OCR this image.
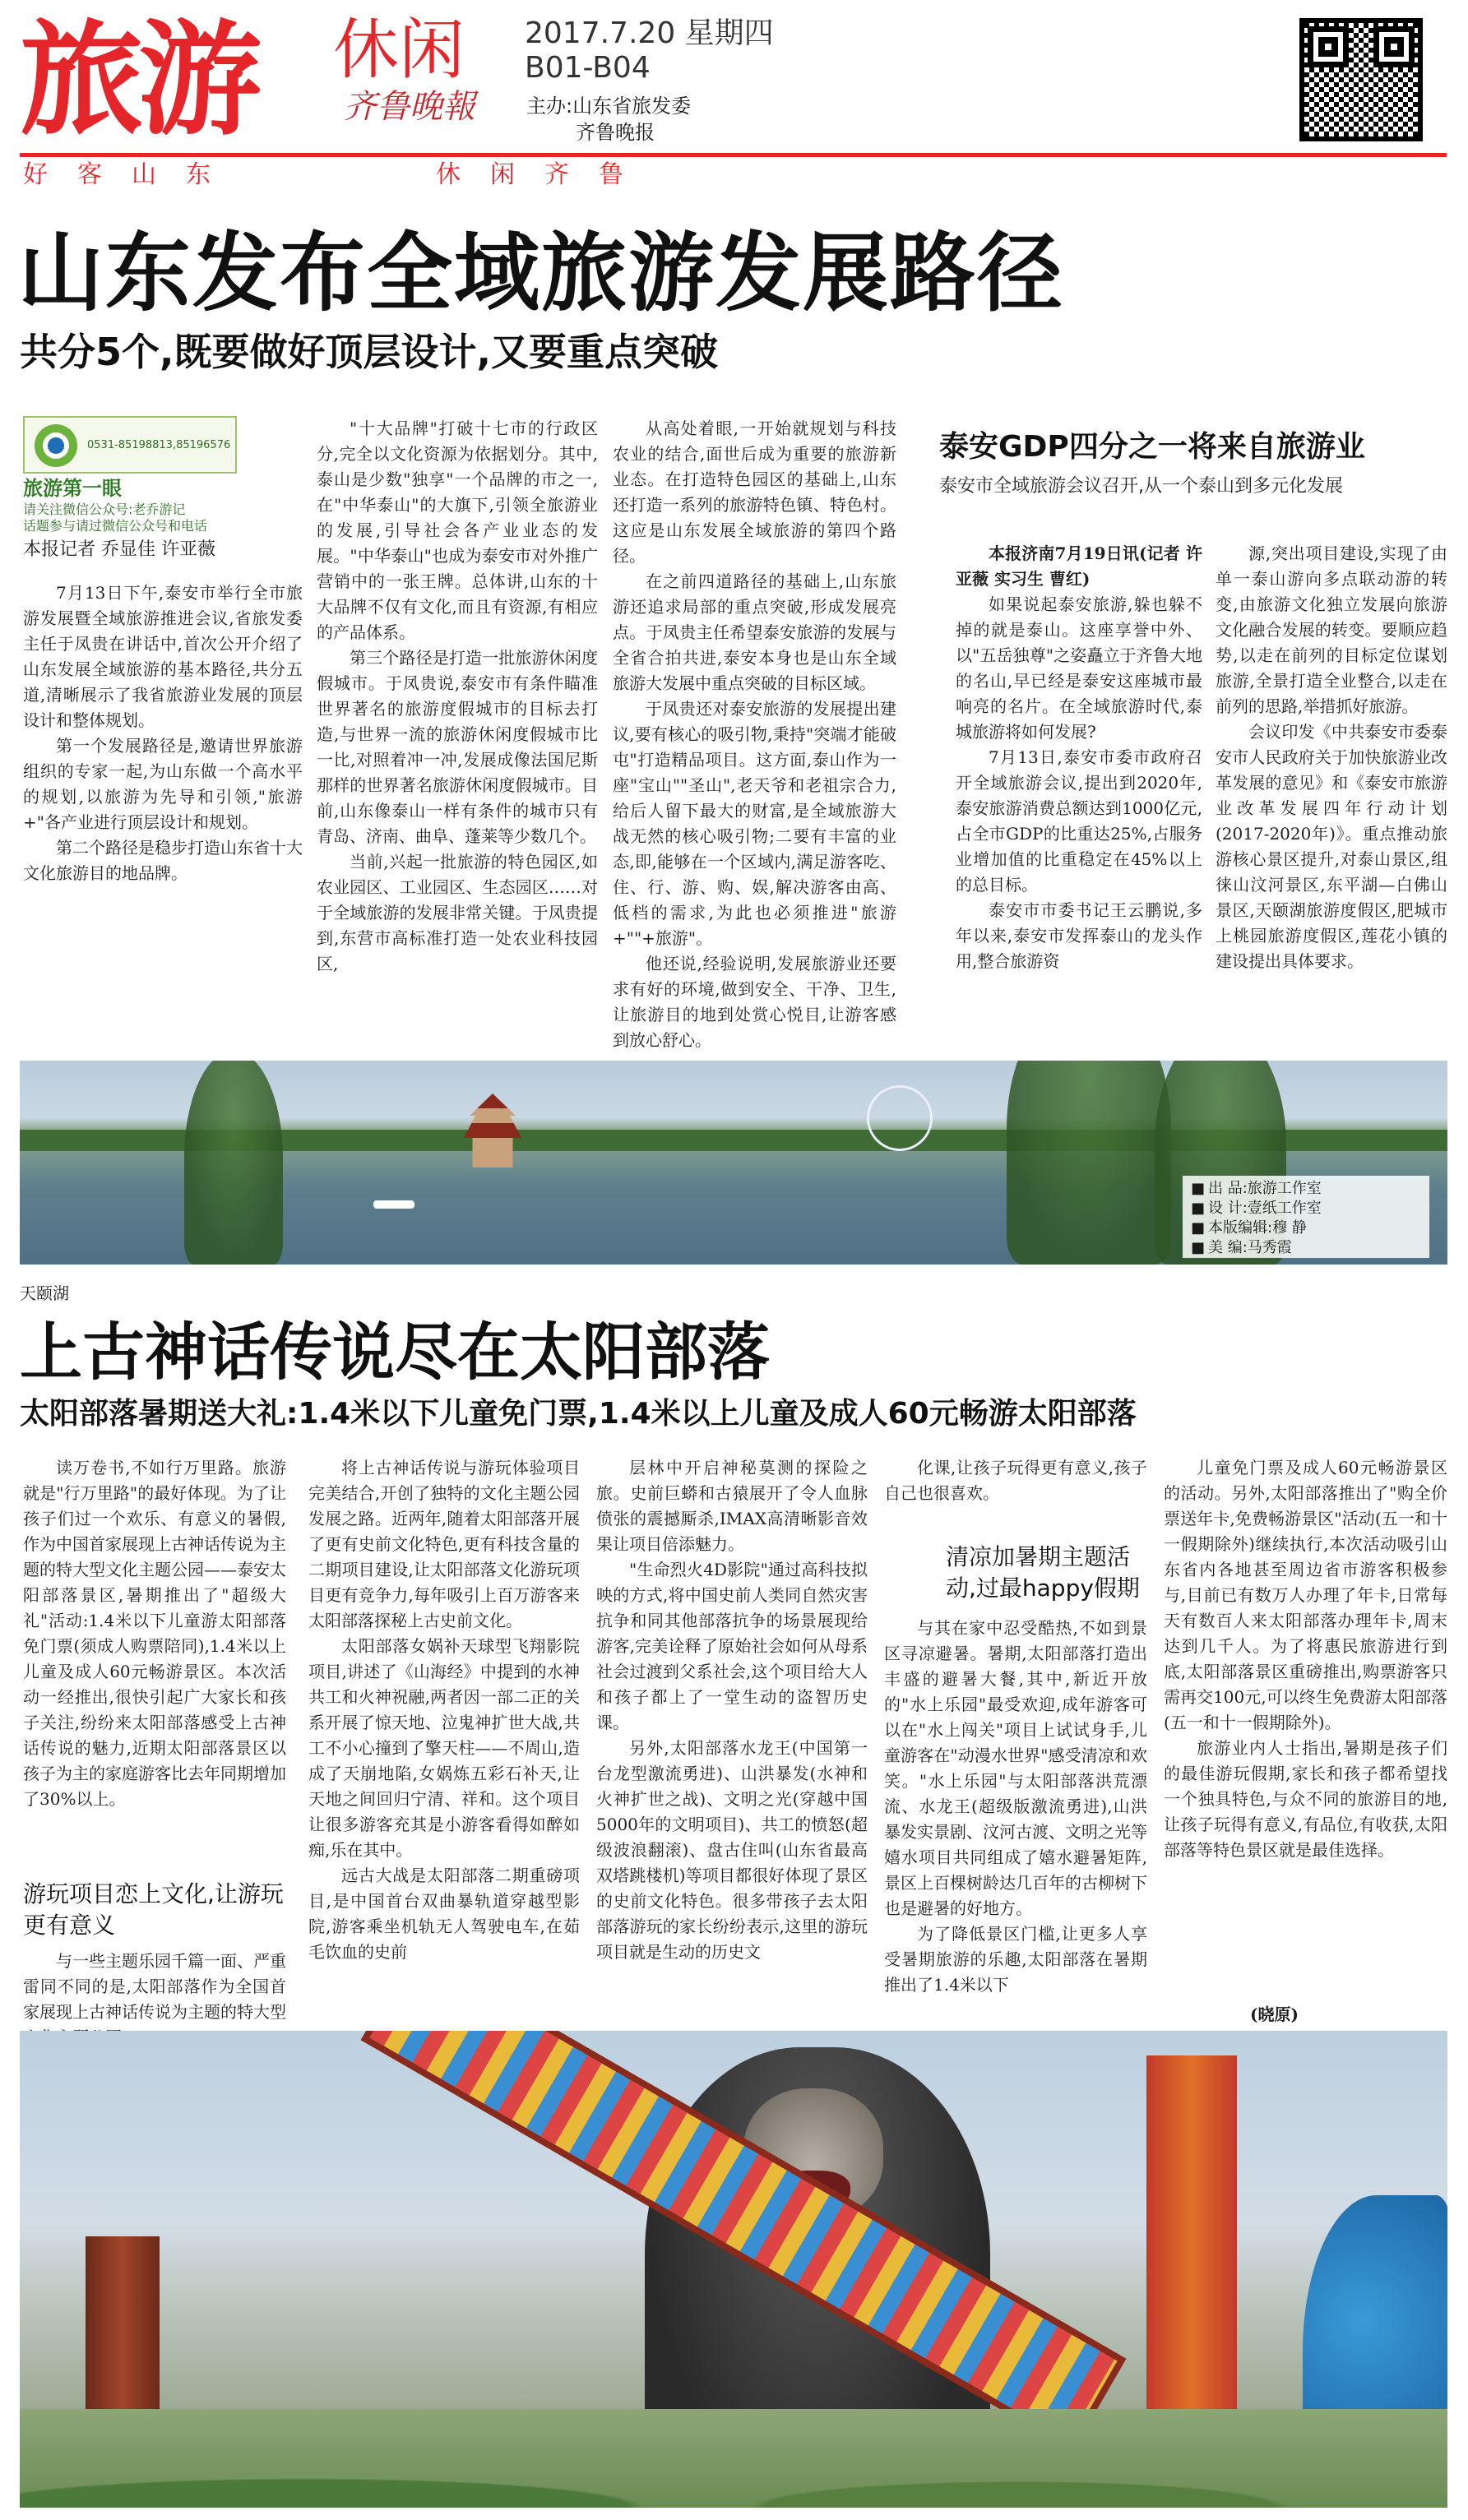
旅游 休闲
齐鲁晚報
2017.7.20 星期四
B01-B04
主办:山东省旅发委
齐鲁晚报
好客山东	休闲齐鲁
山东发布全域旅游发展路径
共分5个,既要做好顶层设计,又要重点突破
0531-85198813,85196576
旅游第一眼
请关注微信公众号:老乔游记
话题参与请过微信公众号和电话
本报记者 乔显佳 许亚薇

7月13日下午,泰安市举行全市旅游发展暨全域旅游推进会议,省旅发委主任于凤贵在讲话中,首次公开介绍了山东发展全域旅游的基本路径,共分五道,清晰展示了我省旅游业发展的顶层设计和整体规划。

第一个发展路径是,邀请世界旅游组织的专家一起,为山东做一个高水平的规划,以旅游为先导和引领,"旅游+"各产业进行顶层设计和规划。

第二个路径是稳步打造山东省十大文化旅游目的地品牌。

"十大品牌"打破十七市的行政区分,完全以文化资源为依据划分。其中,泰山是少数"独享"一个品牌的市之一,在"中华泰山"的大旗下,引领全旅游业的发展,引导社会各产业业态的发展。"中华泰山"也成为泰安市对外推广营销中的一张王牌。总体讲,山东的十大品牌不仅有文化,而且有资源,有相应的产品体系。

第三个路径是打造一批旅游休闲度假城市。于凤贵说,泰安市有条件瞄准世界著名的旅游度假城市的目标去打造,与世界一流的旅游休闲度假城市比一比,对照着冲一冲,发展成像法国尼斯那样的世界著名旅游休闲度假城市。目前,山东像泰山一样有条件的城市只有青岛、济南、曲阜、蓬莱等少数几个。

当前,兴起一批旅游的特色园区,如农业园区、工业园区、生态园区……对于全域旅游的发展非常关键。于凤贵提到,东营市高标准打造一处农业科技园区,

从高处着眼,一开始就规划与科技农业的结合,面世后成为重要的旅游新业态。在打造特色园区的基础上,山东还打造一系列的旅游特色镇、特色村。这应是山东发展全域旅游的第四个路径。

在之前四道路径的基础上,山东旅游还追求局部的重点突破,形成发展亮点。于凤贵主任希望泰安旅游的发展与全省合拍共进,泰安本身也是山东全域旅游大发展中重点突破的目标区域。

于凤贵还对泰安旅游的发展提出建议,要有核心的吸引物,秉持"突端才能破屯"打造精品项目。这方面,泰山作为一座"宝山""圣山",老天爷和老祖宗合力,给后人留下最大的财富,是全域旅游大战无然的核心吸引物;二要有丰富的业态,即,能够在一个区域内,满足游客吃、住、行、游、购、娱,解决游客由高、低档的需求,为此也必须推进"旅游+""+旅游"。

他还说,经验说明,发展旅游业还要求有好的环境,做到安全、干净、卫生,让旅游目的地到处赏心悦目,让游客感到放心舒心。

泰安GDP四分之一将来自旅游业
泰安市全域旅游会议召开,从一个泰山到多元化发展

本报济南7月19日讯(记者 许亚薇 实习生 曹红)

如果说起泰安旅游,躲也躲不掉的就是泰山。这座享誉中外、以"五岳独尊"之姿矗立于齐鲁大地的名山,早已经是泰安这座城市最响亮的名片。在全域旅游时代,泰城旅游将如何发展?

7月13日,泰安市委市政府召开全域旅游会议,提出到2020年,泰安旅游消费总额达到1000亿元,占全市GDP的比重达25%,占服务业增加值的比重稳定在45%以上的总目标。

泰安市市委书记王云鹏说,多年以来,泰安市发挥泰山的龙头作用,整合旅游资

源,突出项目建设,实现了由单一泰山游向多点联动游的转变,由旅游文化独立发展向旅游文化融合发展的转变。要顺应趋势,以走在前列的目标定位谋划旅游,全景打造全业整合,以走在前列的思路,举措抓好旅游。

会议印发《中共泰安市委泰安市人民政府关于加快旅游业改革发展的意见》和《泰安市旅游业改革发展四年行动计划(2017-2020年)》。重点推动旅游核心景区提升,对泰山景区,组徕山汶河景区,东平湖—白佛山景区,天颐湖旅游度假区,肥城市上桃园旅游度假区,莲花小镇的建设提出具体要求。

■ 出 品:旅游工作室
■ 设 计:壹纸工作室
■ 本版编辑:穆 静
■ 美 编:马秀霞
天颐湖
上古神话传说尽在太阳部落
太阳部落暑期送大礼:1.4米以下儿童免门票,1.4米以上儿童及成人60元畅游太阳部落

读万卷书,不如行万里路。旅游就是"行万里路"的最好体现。为了让孩子们过一个欢乐、有意义的暑假,作为中国首家展现上古神话传说为主题的特大型文化主题公园——泰安太阳部落景区,暑期推出了"超级大礼"活动:1.4米以下儿童游太阳部落免门票(须成人购票陪同),1.4米以上儿童及成人60元畅游景区。本次活动一经推出,很快引起广大家长和孩子关注,纷纷来太阳部落感受上古神话传说的魅力,近期太阳部落景区以孩子为主的家庭游客比去年同期增加了30%以上。

游玩项目恋上文化,让游玩更有意义

与一些主题乐园千篇一面、严重雷同不同的是,太阳部落作为全国首家展现上古神话传说为主题的特大型

将上古神话传说与游玩体验项目完美结合,开创了独特的文化主题公园发展之路。近两年,随着太阳部落开展了更有史前文化特色,更有科技含量的二期项目建设,让太阳部落文化游玩项目更有竞争力,每年吸引上百万游客来太阳部落探秘上古史前文化。

太阳部落女娲补天球型飞翔影院项目,讲述了《山海经》中提到的水神共工和火神祝融,两者因一部二正的关系开展了惊天地、泣鬼神扩世大战,共工不小心撞到了擎天柱——不周山,造成了天崩地陷,女娲炼五彩石补天,让天地之间回归宁清、祥和。这个项目让很多游客充其是小游客看得如醉如痴,乐在其中。

远古大战是太阳部落二期重磅项目,是中国首台双曲暴轨道穿越型影院,游客乘坐机轨无人驾驶电车,在茹毛饮血的史前

层林中开启神秘莫测的探险之旅。史前巨蟒和古猿展开了令人血脉偾张的震撼厮杀,IMAX高清晰影音效果让项目倍添魅力。

"生命烈火4D影院"通过高科技拟映的方式,将中国史前人类同自然灾害抗争和同其他部落抗争的场景展现给游客,完美诠释了原始社会如何从母系社会过渡到父系社会,这个项目给大人和孩子都上了一堂生动的盗智历史课。

另外,太阳部落水龙王(中国第一台龙型激流勇进)、山洪暴发(水神和火神扩世之战)、文明之光(穿越中国5000年的文明项目)、共工的愤怒(超级波浪翻滚)、盘古住叫(山东省最高双塔跳楼机)等项目都很好体现了景区的史前文化特色。很多带孩子去太阳部落游玩的家长纷纷表示,这里的游玩项目就是生动的历史文

化课,让孩子玩得更有意义,孩子自己也很喜欢。

清凉加暑期主题活动,过最happy假期

与其在家中忍受酷热,不如到景区寻凉避暑。暑期,太阳部落打造出丰盛的避暑大餐,其中,新近开放的"水上乐园"最受欢迎,成年游客可以在"水上闯关"项目上试试身手,儿童游客在"动漫水世界"感受清凉和欢笑。"水上乐园"与太阳部落洪荒漂流、水龙王(超级版激流勇进),山洪暴发实景剧、汶河古渡、文明之光等嬉水项目共同组成了嬉水避暑矩阵,景区上百棵树龄达几百年的古柳树下也是避暑的好地方。

为了降低景区门槛,让更多人享受暑期旅游的乐趣,太阳部落在暑期推出了1.4米以下

儿童免门票及成人60元畅游景区的活动。另外,太阳部落推出了"购全价票送年卡,免费畅游景区"活动(五一和十一假期除外)继续执行,本次活动吸引山东省内各地甚至周边省市游客积极参与,目前已有数万人办理了年卡,日常每天有数百人来太阳部落办理年卡,周末达到几千人。为了将惠民旅游进行到底,太阳部落景区重磅推出,购票游客只需再交100元,可以终生免费游太阳部落(五一和十一假期除外)。

旅游业内人士指出,暑期是孩子们的最佳游玩假期,家长和孩子都希望找一个独具特色,与众不同的旅游目的地,让孩子玩得有意义,有品位,有收获,太阳部落等特色景区就是最佳选择。

(晓原)
